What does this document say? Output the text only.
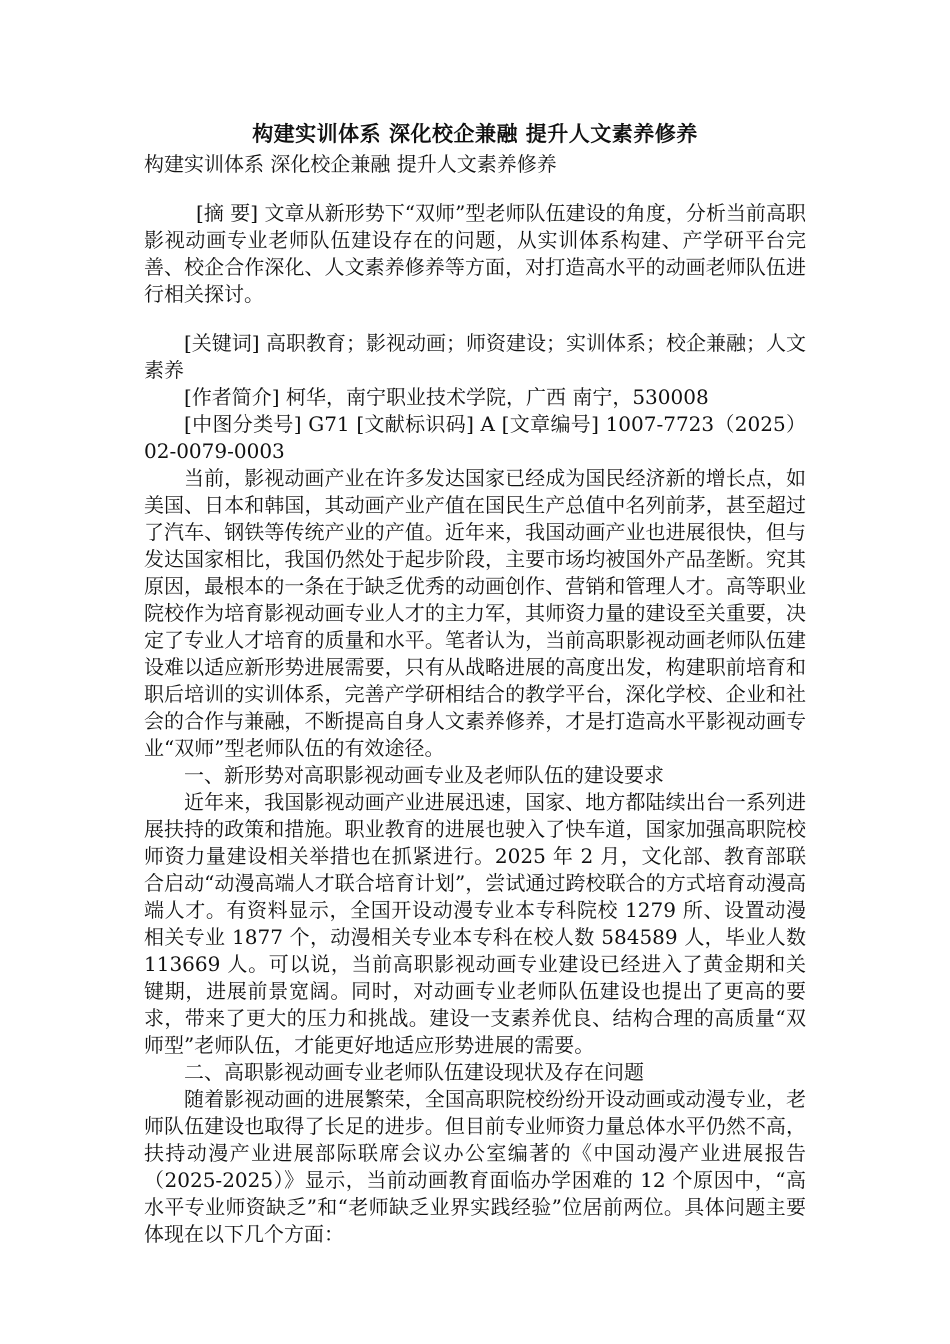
构建实训体系 深化校企兼融 提升人文素养修养

构建实训体系 深化校企兼融 提升人文素养修养

[摘 要] 文章从新形势下“双师”型老师队伍建设的角度，分析当前高职影视动画专业老师队伍建设存在的问题，从实训体系构建、产学研平台完善、校企合作深化、人文素养修养等方面，对打造高水平的动画老师队伍进行相关探讨。

[关键词] 高职教育；影视动画；师资建设；实训体系；校企兼融；人文素养

[作者简介] 柯华，南宁职业技术学院，广西 南宁，530008

[中图分类号] G71 [文献标识码] A [文章编号] 1007-7723（2025）02-0079-0003

当前，影视动画产业在许多发达国家已经成为国民经济新的增长点，如美国、日本和韩国，其动画产业产值在国民生产总值中名列前茅，甚至超过了汽车、钢铁等传统产业的产值。近年来，我国动画产业也进展很快，但与发达国家相比，我国仍然处于起步阶段，主要市场均被国外产品垄断。究其原因，最根本的一条在于缺乏优秀的动画创作、营销和管理人才。高等职业院校作为培育影视动画专业人才的主力军，其师资力量的建设至关重要，决定了专业人才培育的质量和水平。笔者认为，当前高职影视动画老师队伍建设难以适应新形势进展需要，只有从战略进展的高度出发，构建职前培育和职后培训的实训体系，完善产学研相结合的教学平台，深化学校、企业和社会的合作与兼融，不断提高自身人文素养修养，才是打造高水平影视动画专业“双师”型老师队伍的有效途径。

一、新形势对高职影视动画专业及老师队伍的建设要求

近年来，我国影视动画产业进展迅速，国家、地方都陆续出台一系列进展扶持的政策和措施。职业教育的进展也驶入了快车道，国家加强高职院校师资力量建设相关举措也在抓紧进行。2025 年 2 月，文化部、教育部联合启动“动漫高端人才联合培育计划”，尝试通过跨校联合的方式培育动漫高端人才。有资料显示，全国开设动漫专业本专科院校 1279 所、设置动漫相关专业 1877 个，动漫相关专业本专科在校人数 584589 人，毕业人数 113669 人。可以说，当前高职影视动画专业建设已经进入了黄金期和关键期，进展前景宽阔。同时，对动画专业老师队伍建设也提出了更高的要求，带来了更大的压力和挑战。建设一支素养优良、结构合理的高质量“双师型”老师队伍，才能更好地适应形势进展的需要。

二、高职影视动画专业老师队伍建设现状及存在问题

随着影视动画的进展繁荣，全国高职院校纷纷开设动画或动漫专业，老师队伍建设也取得了长足的进步。但目前专业师资力量总体水平仍然不高， 扶持动漫产业进展部际联席会议办公室编著的《中国动漫产业进展报告（2025-2025）》显示，当前动画教育面临办学困难的 12 个原因中，“高水平专业师资缺乏”和“老师缺乏业界实践经验”位居前两位。具体问题主要体现在以下几个方面：
